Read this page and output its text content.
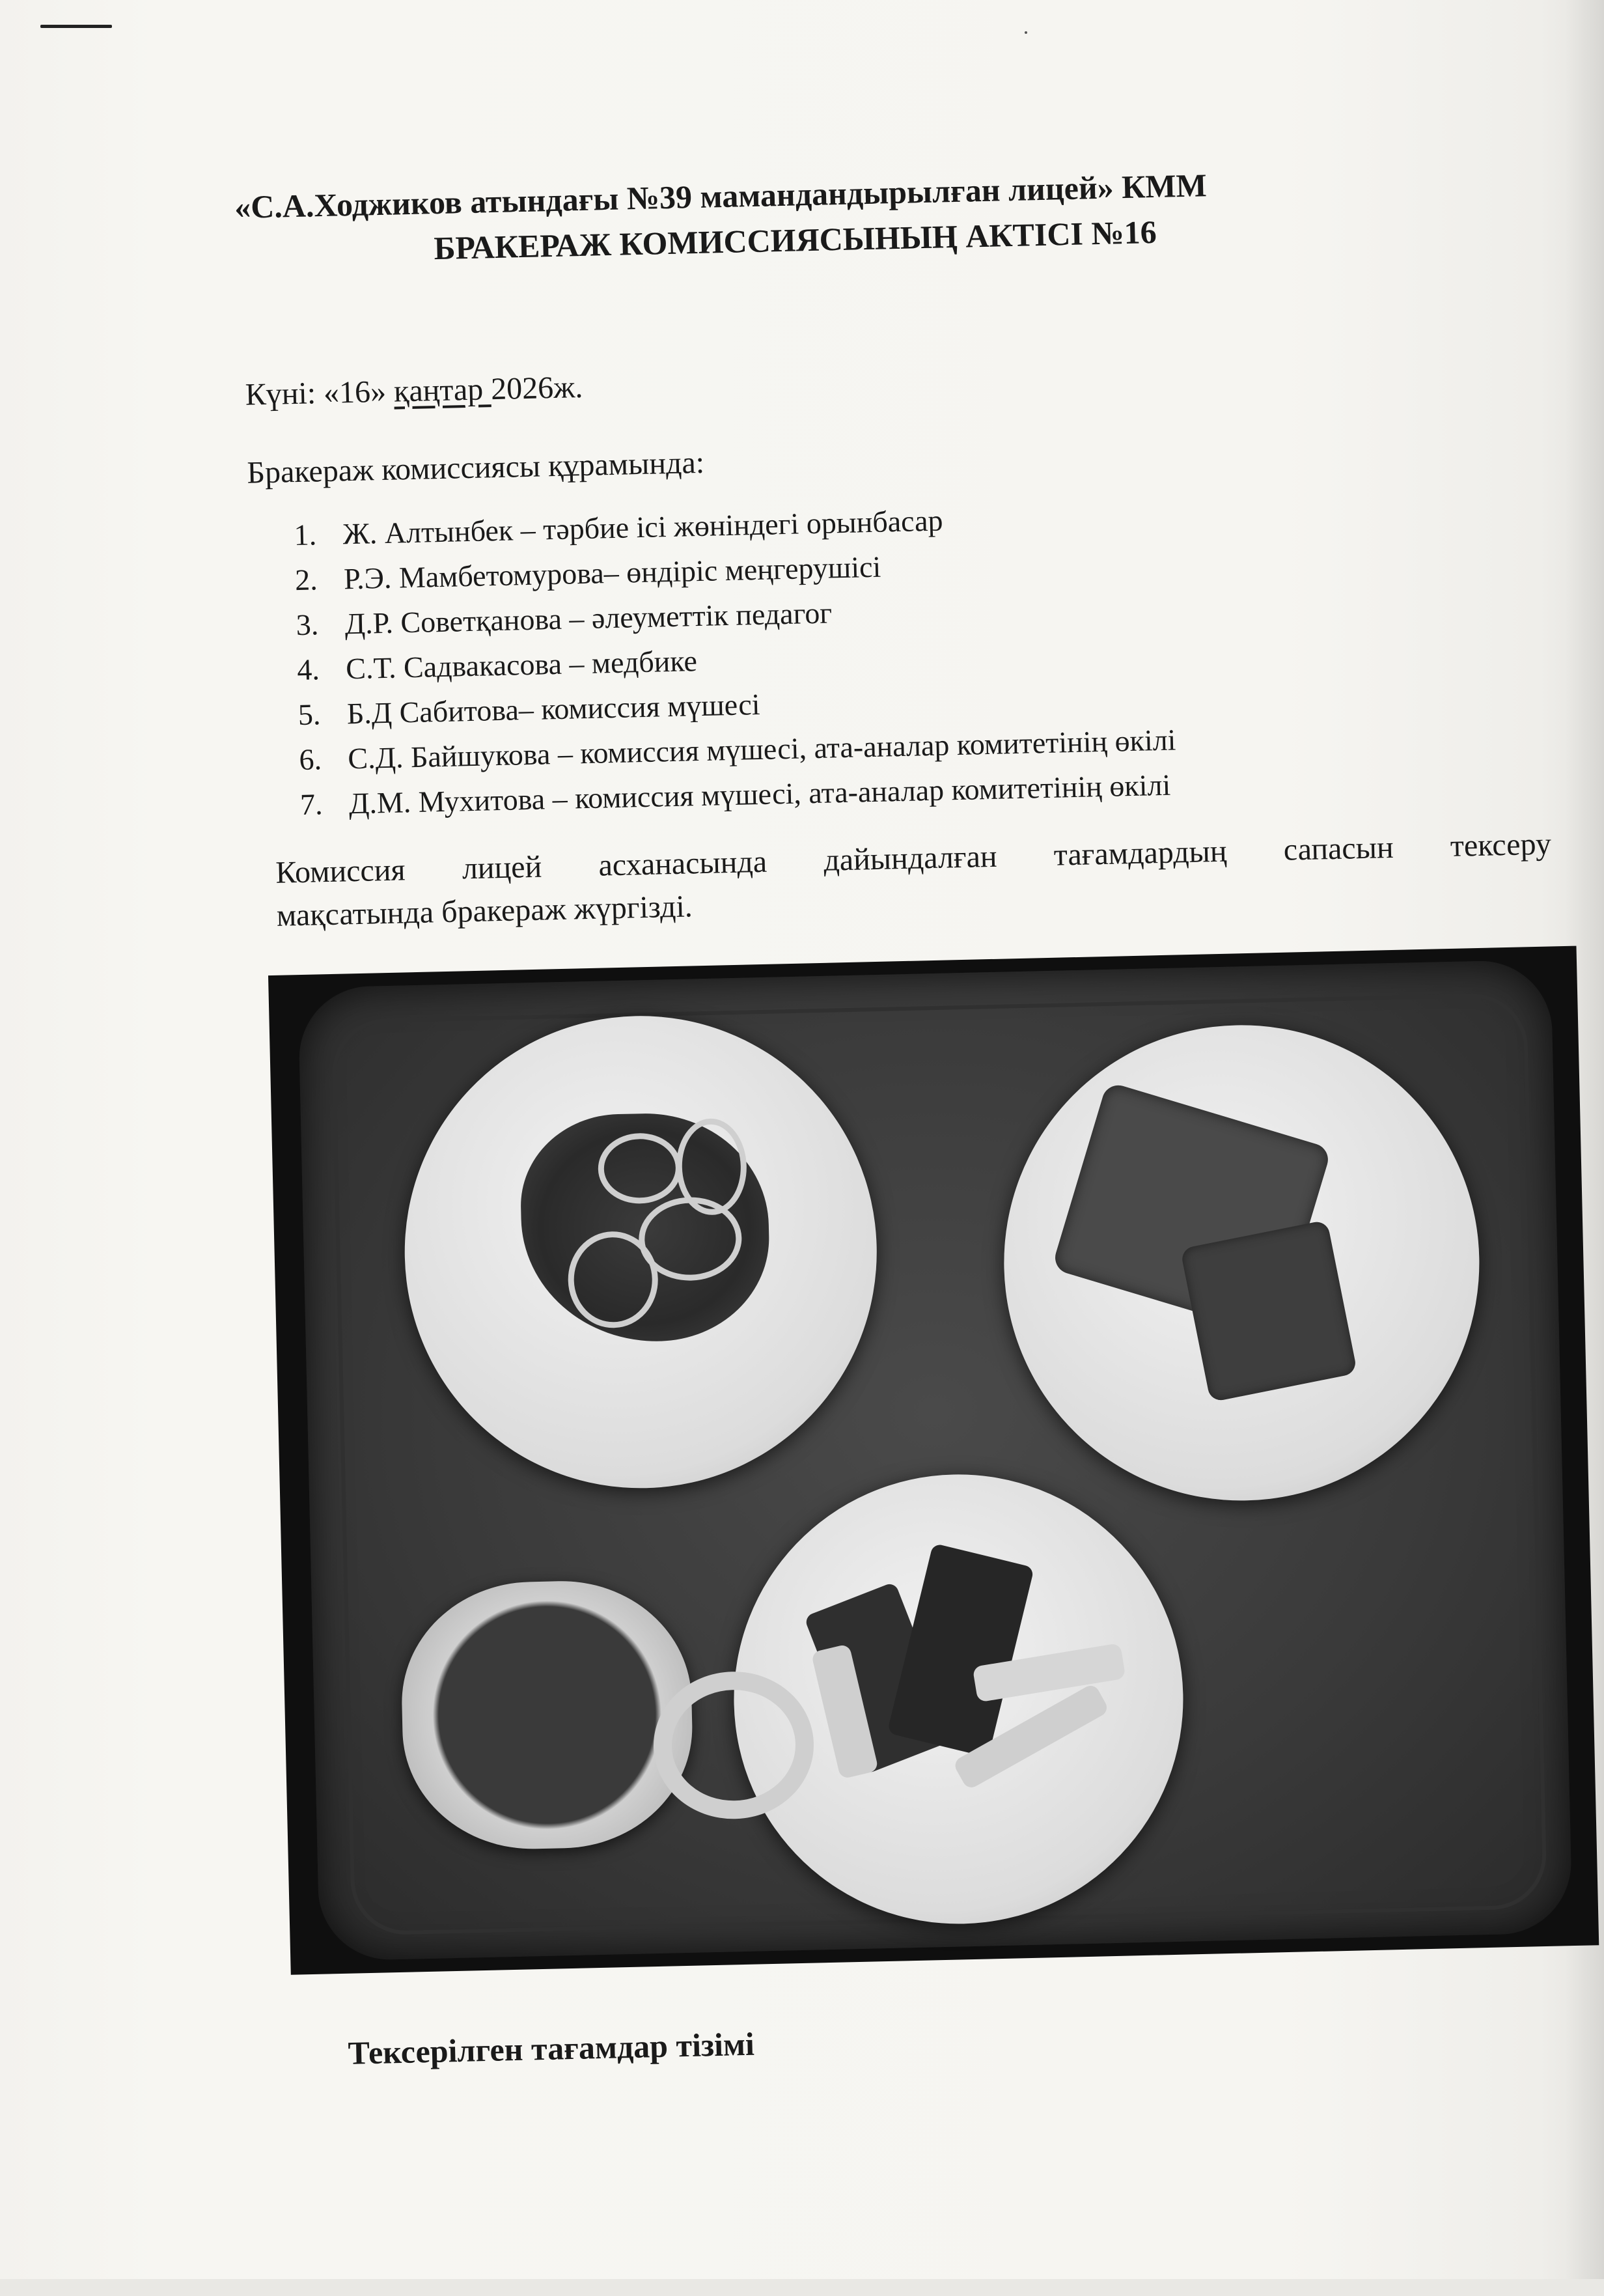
«С.А.Ходжиков атындағы №39 мамандандырылған лицей» КММ
БРАКЕРАЖ КОМИССИЯСЫНЫҢ АКТІСІ №16
Күні: «16» қаңтар 2026ж.
Бракераж комиссиясы құрамында:
1. Ж. Алтынбек – тәрбие ісі жөніндегі орынбасар
2. Р.Э. Мамбетомурова– өндіріс меңгерушісі
3. Д.Р. Советқанова – әлеуметтік педагог
4. С.Т. Садвакасова – медбике
5. Б.Д Сабитова– комиссия мүшесі
6. С.Д. Байшукова – комиссия мүшесі, ата-аналар комитетінің өкілі
7. Д.М. Мухитова – комиссия мүшесі, ата-аналар комитетінің өкілі
Комиссия лицей асханасында дайындалған тағамдардың сапасын тексеру
мақсатында бракераж жүргізді.
Тексерілген тағамдар тізімі
